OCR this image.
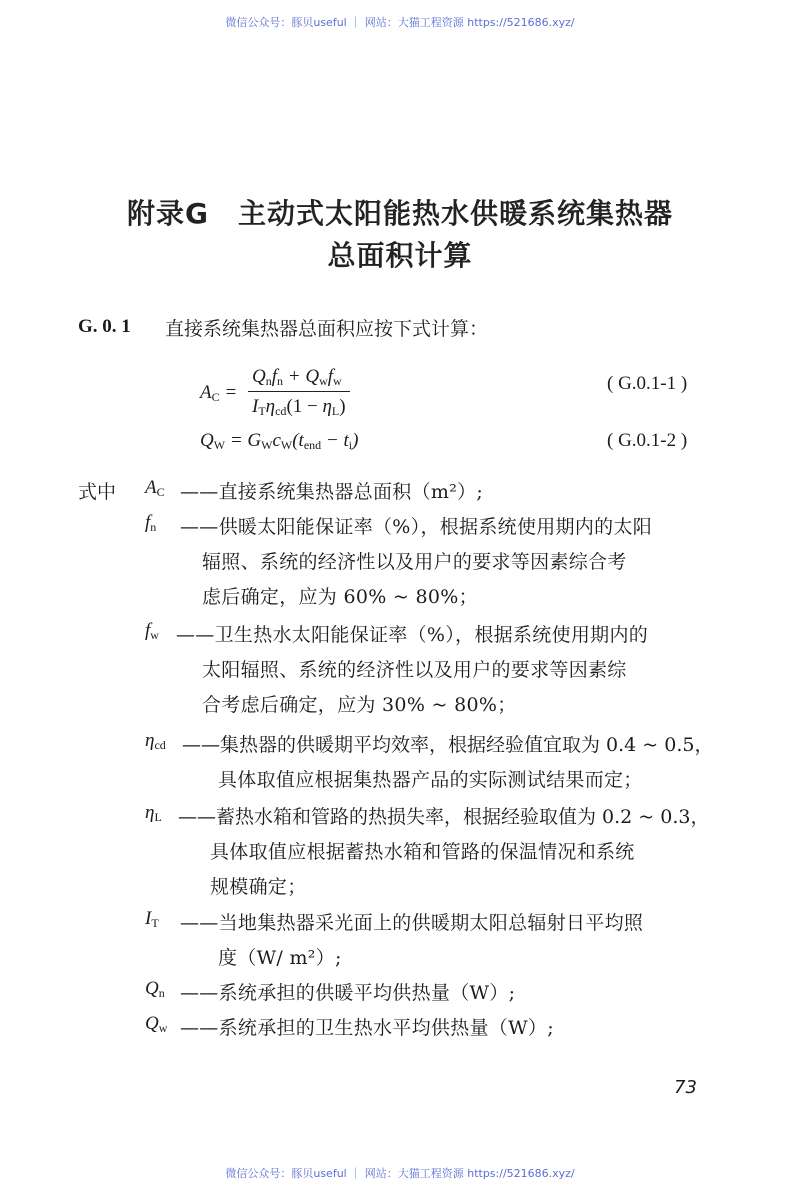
微信公众号：豚贝useful ｜ 网站：大猫工程资源 https://521686.xyz/
附录G　主动式太阳能热水供暖系统集热器
总面积计算
G. 0. 1 直接系统集热器总面积应按下式计算：
$A_C$ =
$Q_nf_n + Q_wf_w$
$I_T\eta_{cd}(1 - \eta_L)$
( G.0.1-1 )
$Q_W = G_Wc_W(t_{end} - t_i)$	( G.0.1-2 )
式中 $A_C$ ——直接系统集热器总面积（m²）;
$f_n$ ——供暖太阳能保证率（%），根据系统使用期内的太阳
辐照、系统的经济性以及用户的要求等因素综合考
虑后确定，应为 60% ~ 80%；
$f_w$ ——卫生热水太阳能保证率（%），根据系统使用期内的
太阳辐照、系统的经济性以及用户的要求等因素综
合考虑后确定，应为 30% ~ 80%；
$\eta_{cd}$ ——集热器的供暖期平均效率，根据经验值宜取为 0.4 ~ 0.5，
具体取值应根据集热器产品的实际测试结果而定；
$\eta_L$ ——蓄热水箱和管路的热损失率，根据经验取值为 0.2 ~ 0.3，
具体取值应根据蓄热水箱和管路的保温情况和系统
规模确定；
$I_T$ ——当地集热器采光面上的供暖期太阳总辐射日平均照
度（W/ m²）;
$Q_n$ ——系统承担的供暖平均供热量（W）;
$Q_w$ ——系统承担的卫生热水平均供热量（W）;
73
微信公众号：豚贝useful ｜ 网站：大猫工程资源 https://521686.xyz/
